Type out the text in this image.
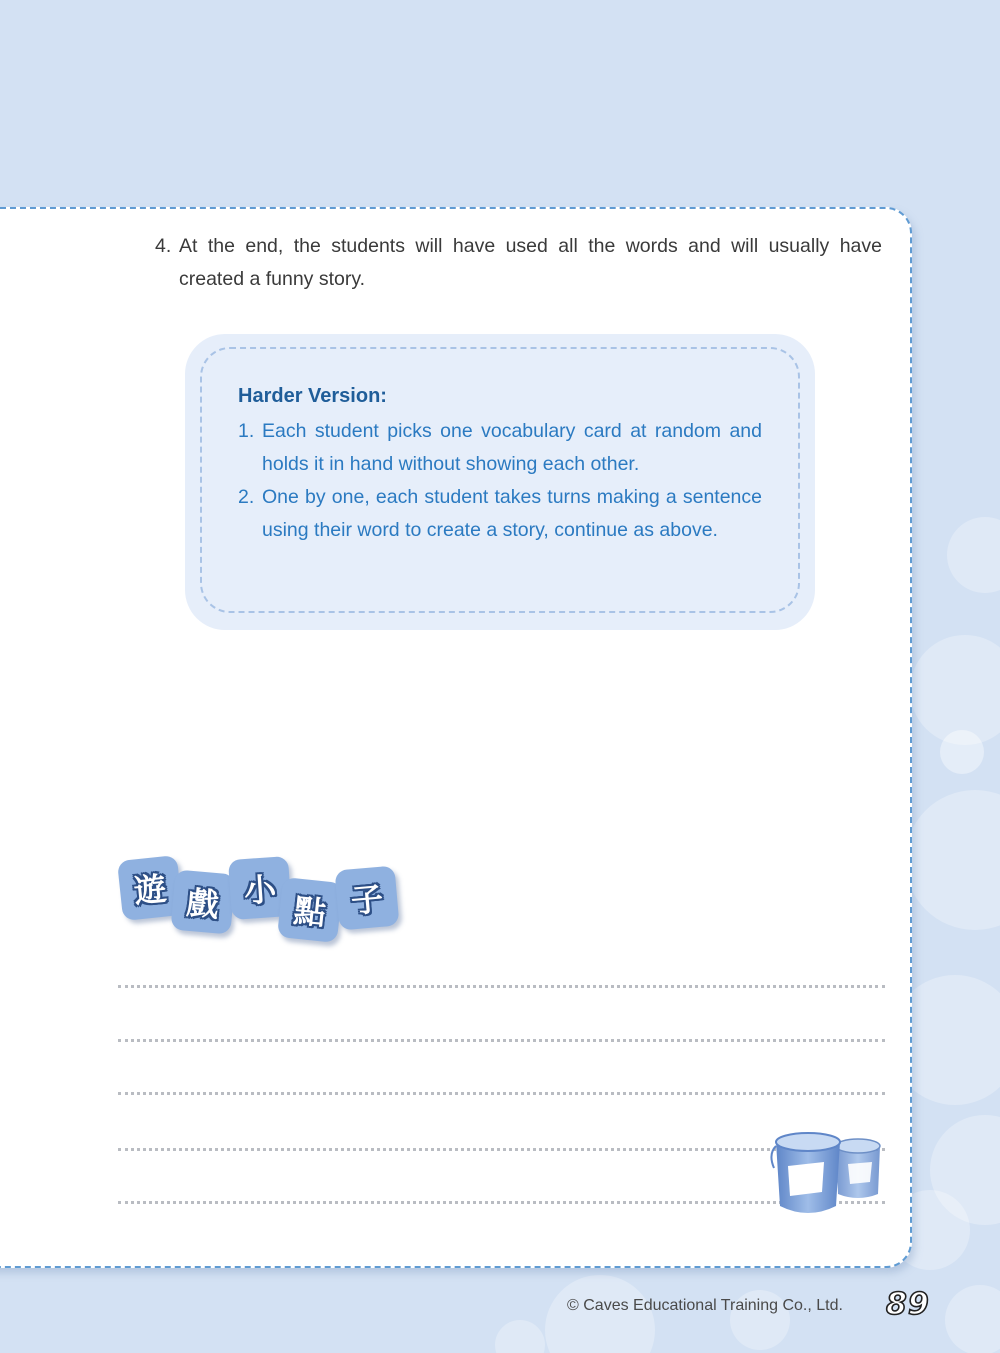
4. At the end, the students will have used all the words and will usually have created a funny story.
Harder Version:
1. Each student picks one vocabulary card at random and holds it in hand without showing each other.
2. One by one, each student takes turns making a sentence using their word to create a story, continue as above.
遊 戲 小
點 子
© Caves Educational Training Co., Ltd. 89
